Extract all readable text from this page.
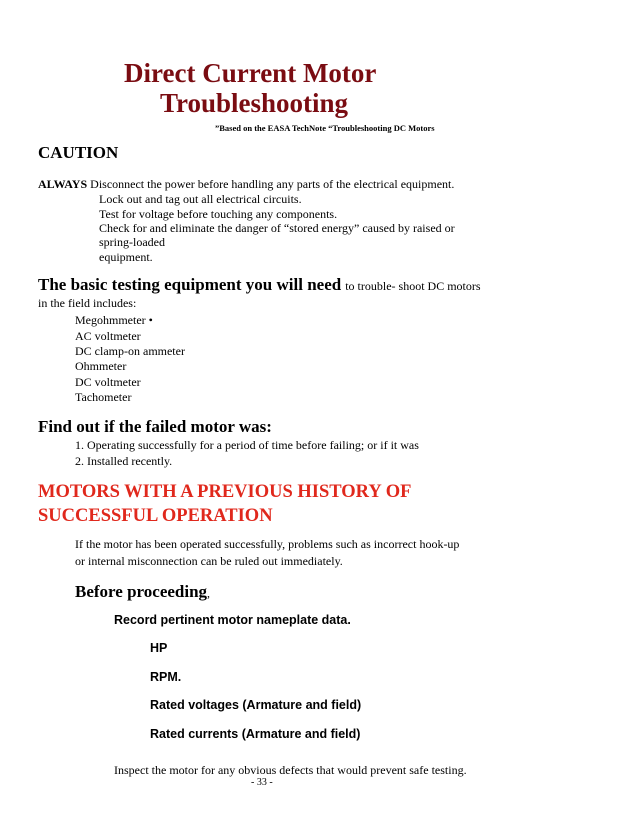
Direct Current Motor
Troubleshooting
”Based on the EASA TechNote “Troubleshooting DC Motors
CAUTION
ALWAYS Disconnect the power before handling any parts of the electrical equipment.
Lock out and tag out all electrical circuits.
Test for voltage before touching any components.
Check for and eliminate the danger of “stored energy” caused by raised or
spring-loaded
equipment.
The basic testing equipment you will need to trouble- shoot DC motors
in the field includes:
Megohmmeter •
AC voltmeter
DC clamp-on ammeter
Ohmmeter
DC voltmeter
Tachometer
Find out if the failed motor was:
1. Operating successfully for a period of time before failing; or if it was
2. Installed recently.
MOTORS WITH A PREVIOUS HISTORY OF
SUCCESSFUL OPERATION
If the motor has been operated successfully, problems such as incorrect hook-up
or internal misconnection can be ruled out immediately.
Before proceeding,
Record pertinent motor nameplate data.
HP
RPM.
Rated voltages (Armature and field)
Rated currents (Armature and field)
Inspect the motor for any obvious defects that would prevent safe testing.
- 33 -
